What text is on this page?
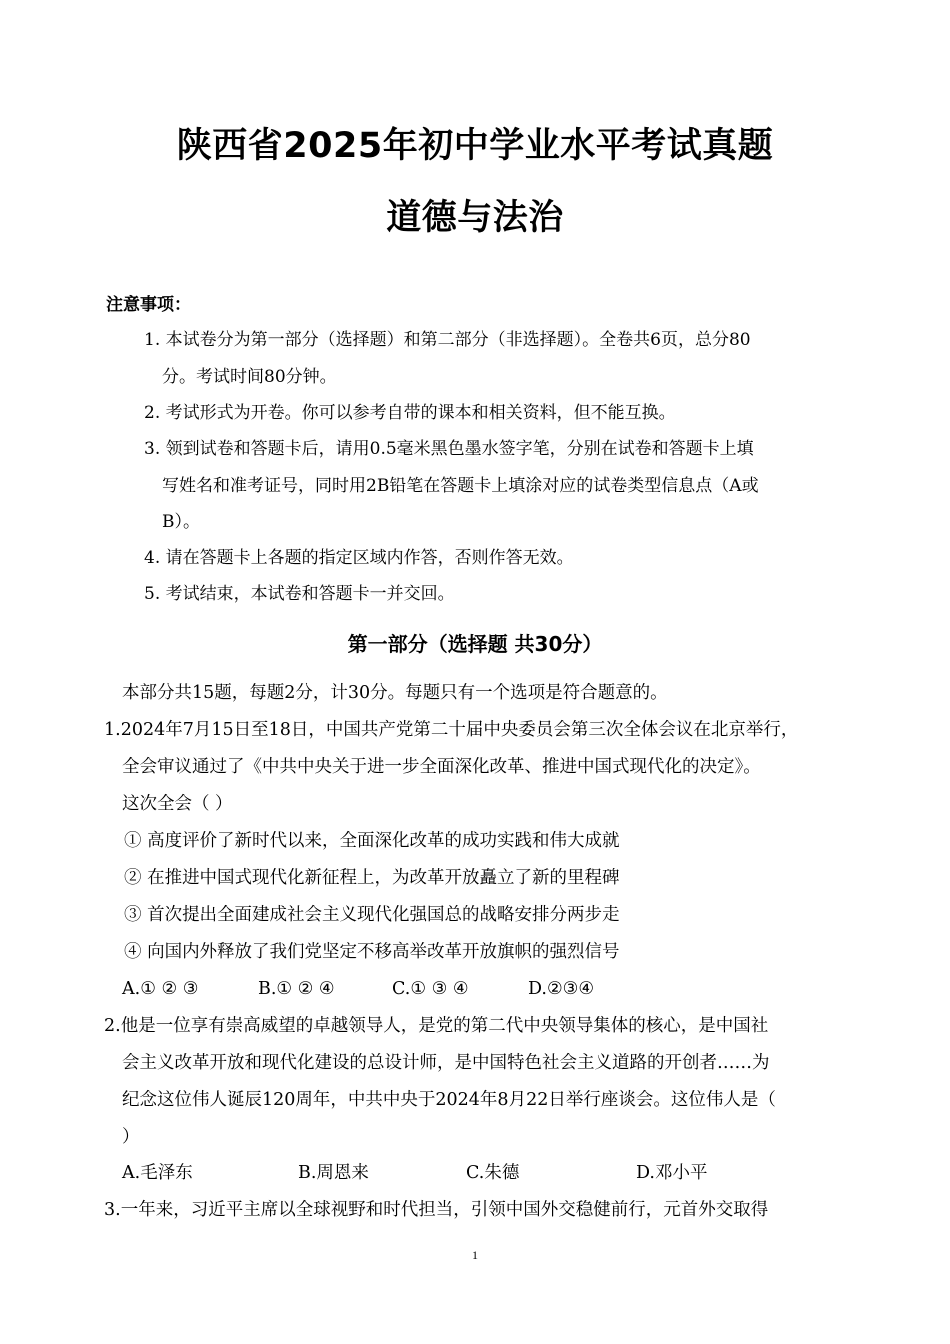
陕西省2025年初中学业水平考试真题
道德与法治
注意事项：
1. 本试卷分为第一部分（选择题）和第二部分（非选择题）。全卷共6页，总分80
分。考试时间80分钟。
2. 考试形式为开卷。你可以参考自带的课本和相关资料，但不能互换。
3. 领到试卷和答题卡后，请用0.5毫米黑色墨水签字笔，分别在试卷和答题卡上填
写姓名和准考证号，同时用2B铅笔在答题卡上填涂对应的试卷类型信息点（A或
B）。
4. 请在答题卡上各题的指定区域内作答，否则作答无效。
5. 考试结束，本试卷和答题卡一并交回。
第一部分（选择题 共30分）
本部分共15题，每题2分，计30分。每题只有一个选项是符合题意的。
1.2024年7月15日至18日，中国共产党第二十届中央委员会第三次全体会议在北京举行，
全会审议通过了《中共中央关于进一步全面深化改革、推进中国式现代化的决定》。
这次全会（ ）
① 高度评价了新时代以来，全面深化改革的成功实践和伟大成就
② 在推进中国式现代化新征程上，为改革开放矗立了新的里程碑
③ 首次提出全面建成社会主义现代化强国总的战略安排分两步走
④ 向国内外释放了我们党坚定不移高举改革开放旗帜的强烈信号
A.① ② ③	B.① ② ④	C.① ③ ④	D.②③④
2.他是一位享有崇高威望的卓越领导人，是党的第二代中央领导集体的核心，是中国社
会主义改革开放和现代化建设的总设计师，是中国特色社会主义道路的开创者……为
纪念这位伟人诞辰120周年，中共中央于2024年8月22日举行座谈会。这位伟人是（
）
A.毛泽东	B.周恩来	C.朱德	D.邓小平
3.一年来，习近平主席以全球视野和时代担当，引领中国外交稳健前行，元首外交取得
1
